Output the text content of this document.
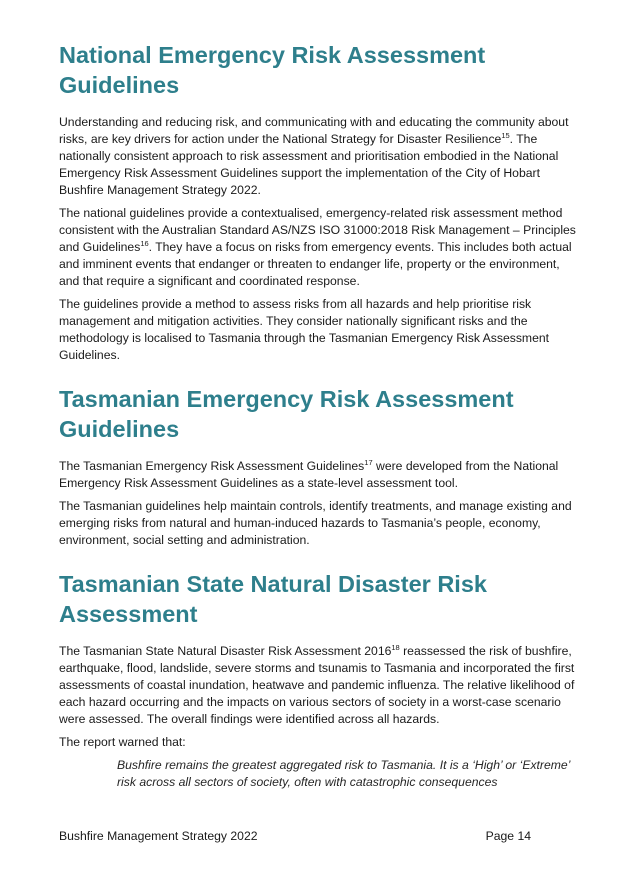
National Emergency Risk Assessment Guidelines

Understanding and reducing risk, and communicating with and educating the community about risks, are key drivers for action under the National Strategy for Disaster Resilience$^{15}$. The nationally consistent approach to risk assessment and prioritisation embodied in the National Emergency Risk Assessment Guidelines support the implementation of the City of Hobart Bushfire Management Strategy 2022.

The national guidelines provide a contextualised, emergency-related risk assessment method consistent with the Australian Standard AS/NZS ISO 31000:2018 Risk Management – Principles and Guidelines$^{16}$. They have a focus on risks from emergency events. This includes both actual and imminent events that endanger or threaten to endanger life, property or the environment, and that require a significant and coordinated response.

The guidelines provide a method to assess risks from all hazards and help prioritise risk management and mitigation activities. They consider nationally significant risks and the methodology is localised to Tasmania through the Tasmanian Emergency Risk Assessment Guidelines.

Tasmanian Emergency Risk Assessment Guidelines

The Tasmanian Emergency Risk Assessment Guidelines$^{17}$ were developed from the National Emergency Risk Assessment Guidelines as a state-level assessment tool.

The Tasmanian guidelines help maintain controls, identify treatments, and manage existing and emerging risks from natural and human-induced hazards to Tasmania’s people, economy, environment, social setting and administration.

Tasmanian State Natural Disaster Risk Assessment

The Tasmanian State Natural Disaster Risk Assessment 2016$^{18}$ reassessed the risk of bushfire, earthquake, flood, landslide, severe storms and tsunamis to Tasmania and incorporated the first assessments of coastal inundation, heatwave and pandemic influenza. The relative likelihood of each hazard occurring and the impacts on various sectors of society in a worst-case scenario were assessed. The overall findings were identified across all hazards.

The report warned that:

Bushfire remains the greatest aggregated risk to Tasmania. It is a ‘High’ or ‘Extreme’ risk across all sectors of society, often with catastrophic consequences

Bushfire Management Strategy 2022	Page 14
